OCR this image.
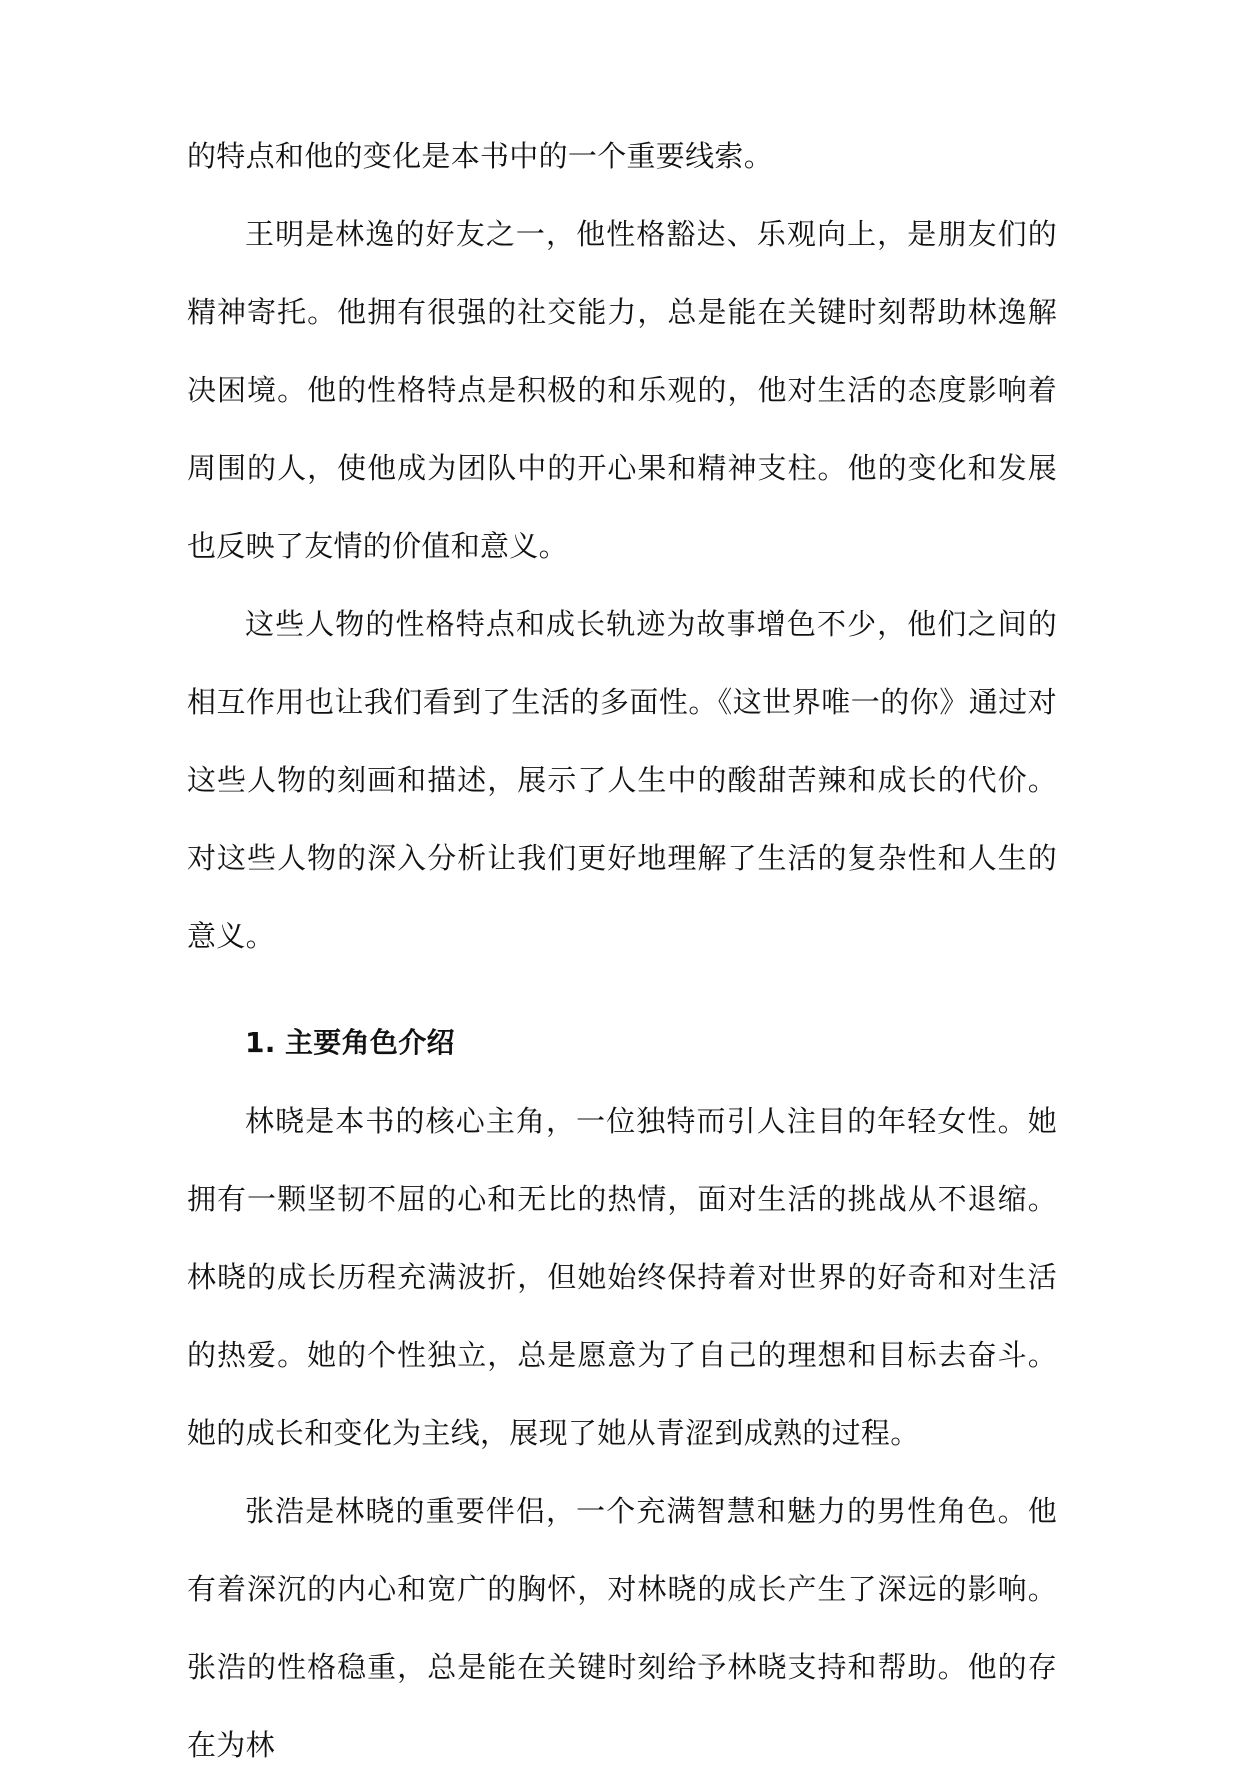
的特点和他的变化是本书中的一个重要线索。

王明是林逸的好友之一，他性格豁达、乐观向上，是朋友们的精神寄托。他拥有很强的社交能力，总是能在关键时刻帮助林逸解决困境。他的性格特点是积极的和乐观的，他对生活的态度影响着周围的人，使他成为团队中的开心果和精神支柱。他的变化和发展也反映了友情的价值和意义。

这些人物的性格特点和成长轨迹为故事增色不少，他们之间的相互作用也让我们看到了生活的多面性。《这世界唯一的你》通过对这些人物的刻画和描述，展示了人生中的酸甜苦辣和成长的代价。对这些人物的深入分析让我们更好地理解了生活的复杂性和人生的意义。

1. 主要角色介绍

林晓是本书的核心主角，一位独特而引人注目的年轻女性。她拥有一颗坚韧不屈的心和无比的热情，面对生活的挑战从不退缩。林晓的成长历程充满波折，但她始终保持着对世界的好奇和对生活的热爱。她的个性独立，总是愿意为了自己的理想和目标去奋斗。她的成长和变化为主线，展现了她从青涩到成熟的过程。

张浩是林晓的重要伴侣，一个充满智慧和魅力的男性角色。他有着深沉的内心和宽广的胸怀，对林晓的成长产生了深远的影响。张浩的性格稳重，总是能在关键时刻给予林晓支持和帮助。他的存在为林
